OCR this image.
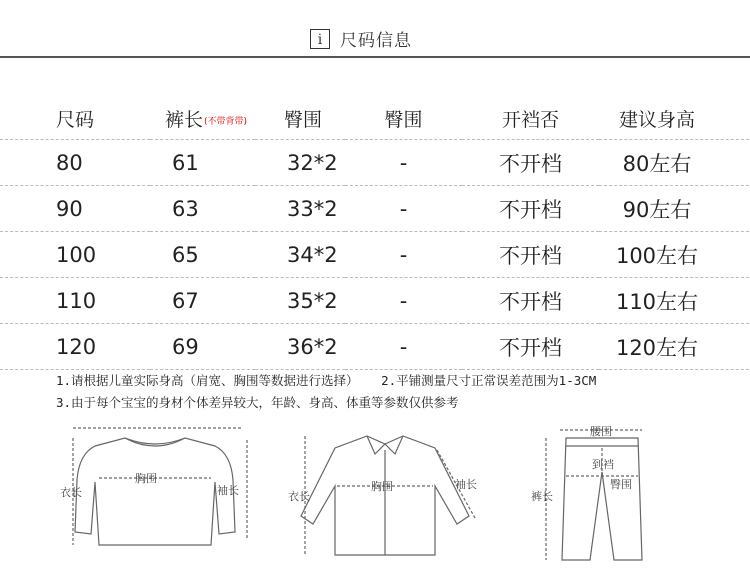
i	尺码信息
尺码	裤长(不带背带)	臀围	臀围	开裆否	建议身高
80	61	32*2	-	不开档	80左右
90	63	33*2	-	不开档	90左右
100	65	34*2	-	不开档	100左右
110	67	35*2	-	不开档	110左右
120	69	36*2	-	不开档	120左右
1.请根据儿童实际身高（肩宽、胸围等数据进行选择）   2.平铺测量尺寸正常误差范围为1-3CM
3.由于每个宝宝的身材个体差异较大，年龄、身高、体重等参数仅供参考
衣长
胸围
袖长	衣长
胸围	袖长
腰围
裤长
到裆
臀围
